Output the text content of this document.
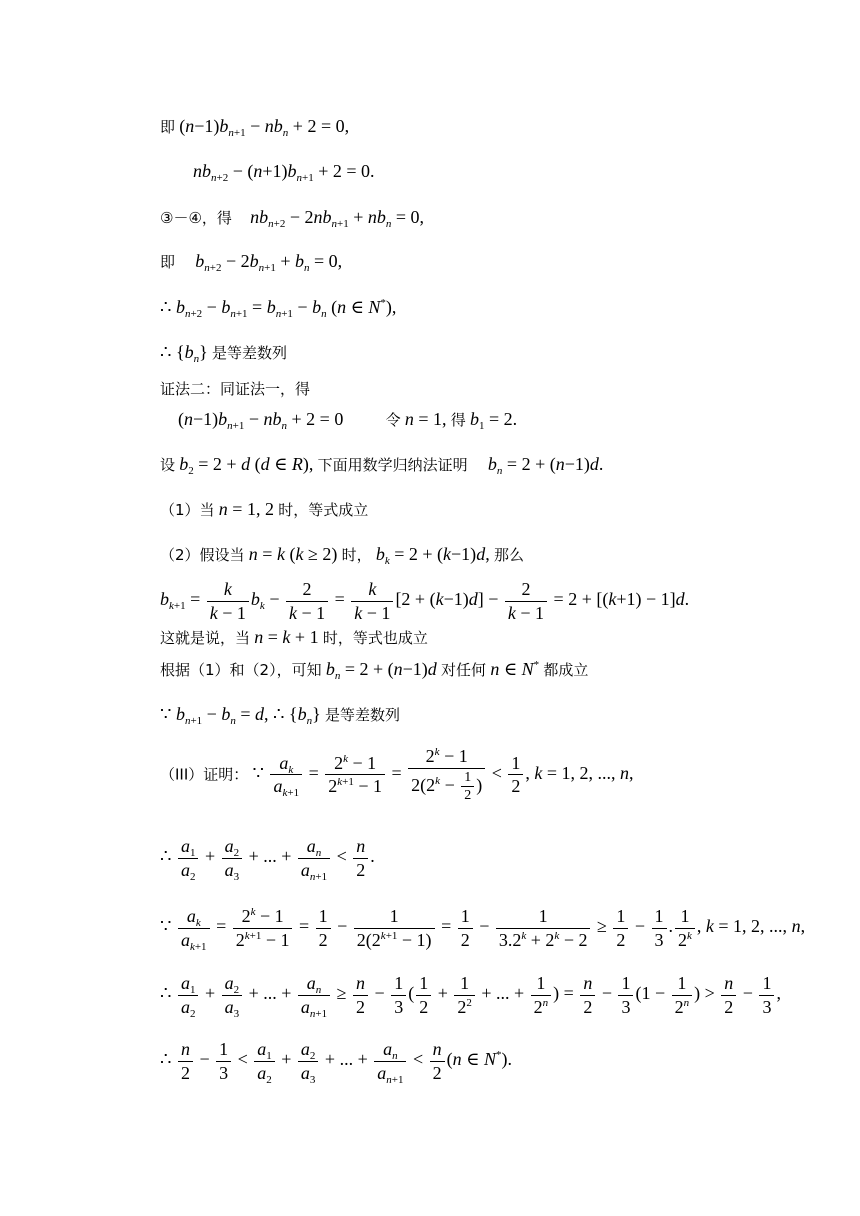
即 $(n-1)b_{n+1} - nb_n + 2 = 0$,
$nb_{n+2} - (n+1)b_{n+1} + 2 = 0$.
③－④，得 $nb_{n+2} - 2nb_{n+1} + nb_n = 0$,
即 $b_{n+2} - 2b_{n+1} + b_n = 0$,
∴ $b_{n+2} - b_{n+1} = b_{n+1} - b_n$ (n ∈ N*),
∴ $\{b_n\}$ 是等差数列
证法二：同证法一，得
$(n-1)b_{n+1} - nb_n + 2 = 0$	令 n = 1, 得 $b_1 = 2$.
设 $b_2 = 2 + d$ (d ∈ R), 下面用数学归纳法证明 $b_n = 2 + (n-1)d$.
（1）当 n = 1, 2 时，等式成立
（2）假设当 n = k (k ≥ 2) 时， $b_k = 2 + (k-1)d$, 那么
$b_{k+1} = \frac{k}{k - 1} b_k - \frac{2}{k - 1} = \frac{k}{k - 1} [2 + (k-1)d] - \frac{2}{k - 1} = 2 + [(k+1) - 1]d$.
这就是说，当 n = k + 1 时，等式也成立
根据（1）和（2），可知 $b_n = 2 + (n-1)d$ 对任何 n ∈ N* 都成立
∵ $b_{n+1} - b_n = d$, ∴ $\{b_n\}$ 是等差数列
（III）证明： ∵ $\frac{a_k}{a_{k+1}} = \frac{2^k - 1}{2^{k+1} - 1} = \frac{2^k - 1}{2(2^k - \frac{1}{2} )} < \frac{1}{2}$ , k = 1, 2, ..., n,
∴ $\frac{a_1}{a_2} + \frac{a_2}{a_3}$ + ... + $\frac{a_n}{a_{n+1}} < \frac{n}{2}$ .
∵ $\frac{a_k}{a_{k+1}} = \frac{2^k - 1}{2^{k+1} - 1} = \frac{1}{2} - \frac{1}{2(2^{k+1} - 1)} = \frac{1}{2} - \frac{1}{3.2^k + 2^k - 2} \ge \frac{1}{2} - \frac{1}{3}$ . $\frac{1}{2^k}$ , k = 1, 2, ..., n,
∴ $\frac{a_1}{a_2} + \frac{a_2}{a_3}$ + ... + $\frac{a_n}{a_{n+1}} \ge \frac{n}{2} - \frac{1}{3}$ ( $\frac{1}{2} + \frac{1}{2^2}$ + ... + $\frac{1}{2^n}$ ) = $\frac{n}{2} - \frac{1}{3} (1 - \frac{1}{2^n}$ ) > $\frac{n}{2} - \frac{1}{3}$ ,
∴ $\frac{n}{2} - \frac{1}{3} < \frac{a_1}{a_2} + \frac{a_2}{a_3}$ + ... + $\frac{a_n}{a_{n+1}} < \frac{n}{2} (n$ ∈ N*).
